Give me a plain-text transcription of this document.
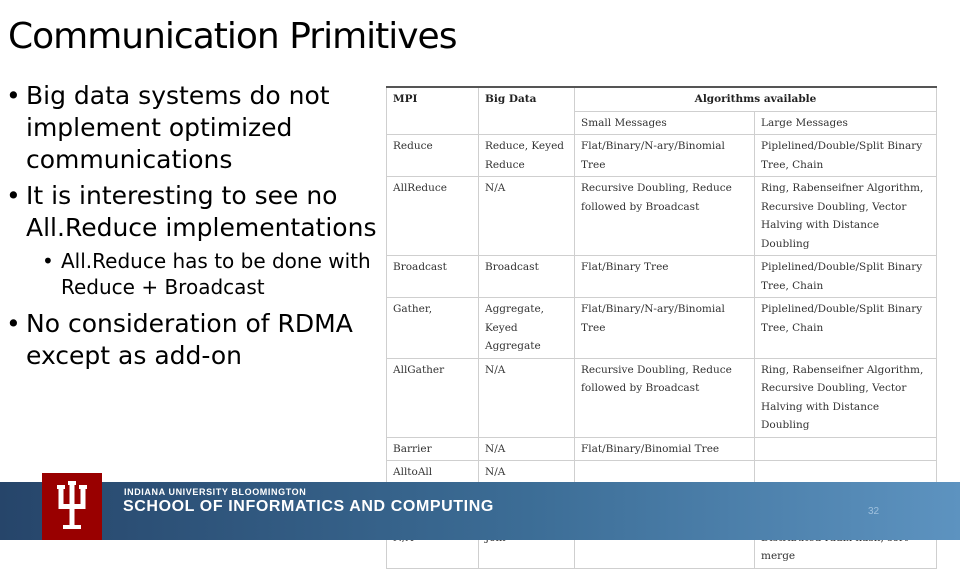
Communication Primitives
• Big data systems do not implement optimized communications
• It is interesting to see no All.Reduce implementations
• All.Reduce has to be done with Reduce + Broadcast
• No consideration of RDMA except as add-on
MPI	Big Data	Algorithms available	
		Small Messages	Large Messages
Reduce	Reduce, Keyed Reduce	Flat/Binary/N-ary/Binomial Tree	Piplelined/Double/Split Binary Tree, Chain
AllReduce	N/A	Recursive Doubling, Reduce followed by Broadcast	Ring, Rabenseifner Algorithm, Recursive Doubling, Vector Halving with Distance Doubling
Broadcast	Broadcast	Flat/Binary Tree	Piplelined/Double/Split Binary Tree, Chain
Gather,	Aggregate, Keyed Aggregate	Flat/Binary/N-ary/Binomial Tree	Piplelined/Double/Split Binary Tree, Chain
AllGather	N/A	Recursive Doubling, Reduce followed by Broadcast	Ring, Rabenseifner Algorithm, Recursive Doubling, Vector Halving with Distance Doubling
Barrier	N/A	Flat/Binary/Binomial Tree	
AlltoAll	N/A		

			merge
INDIANA UNIVERSITY BLOOMINGTON
SCHOOL OF INFORMATICS AND COMPUTING	32
